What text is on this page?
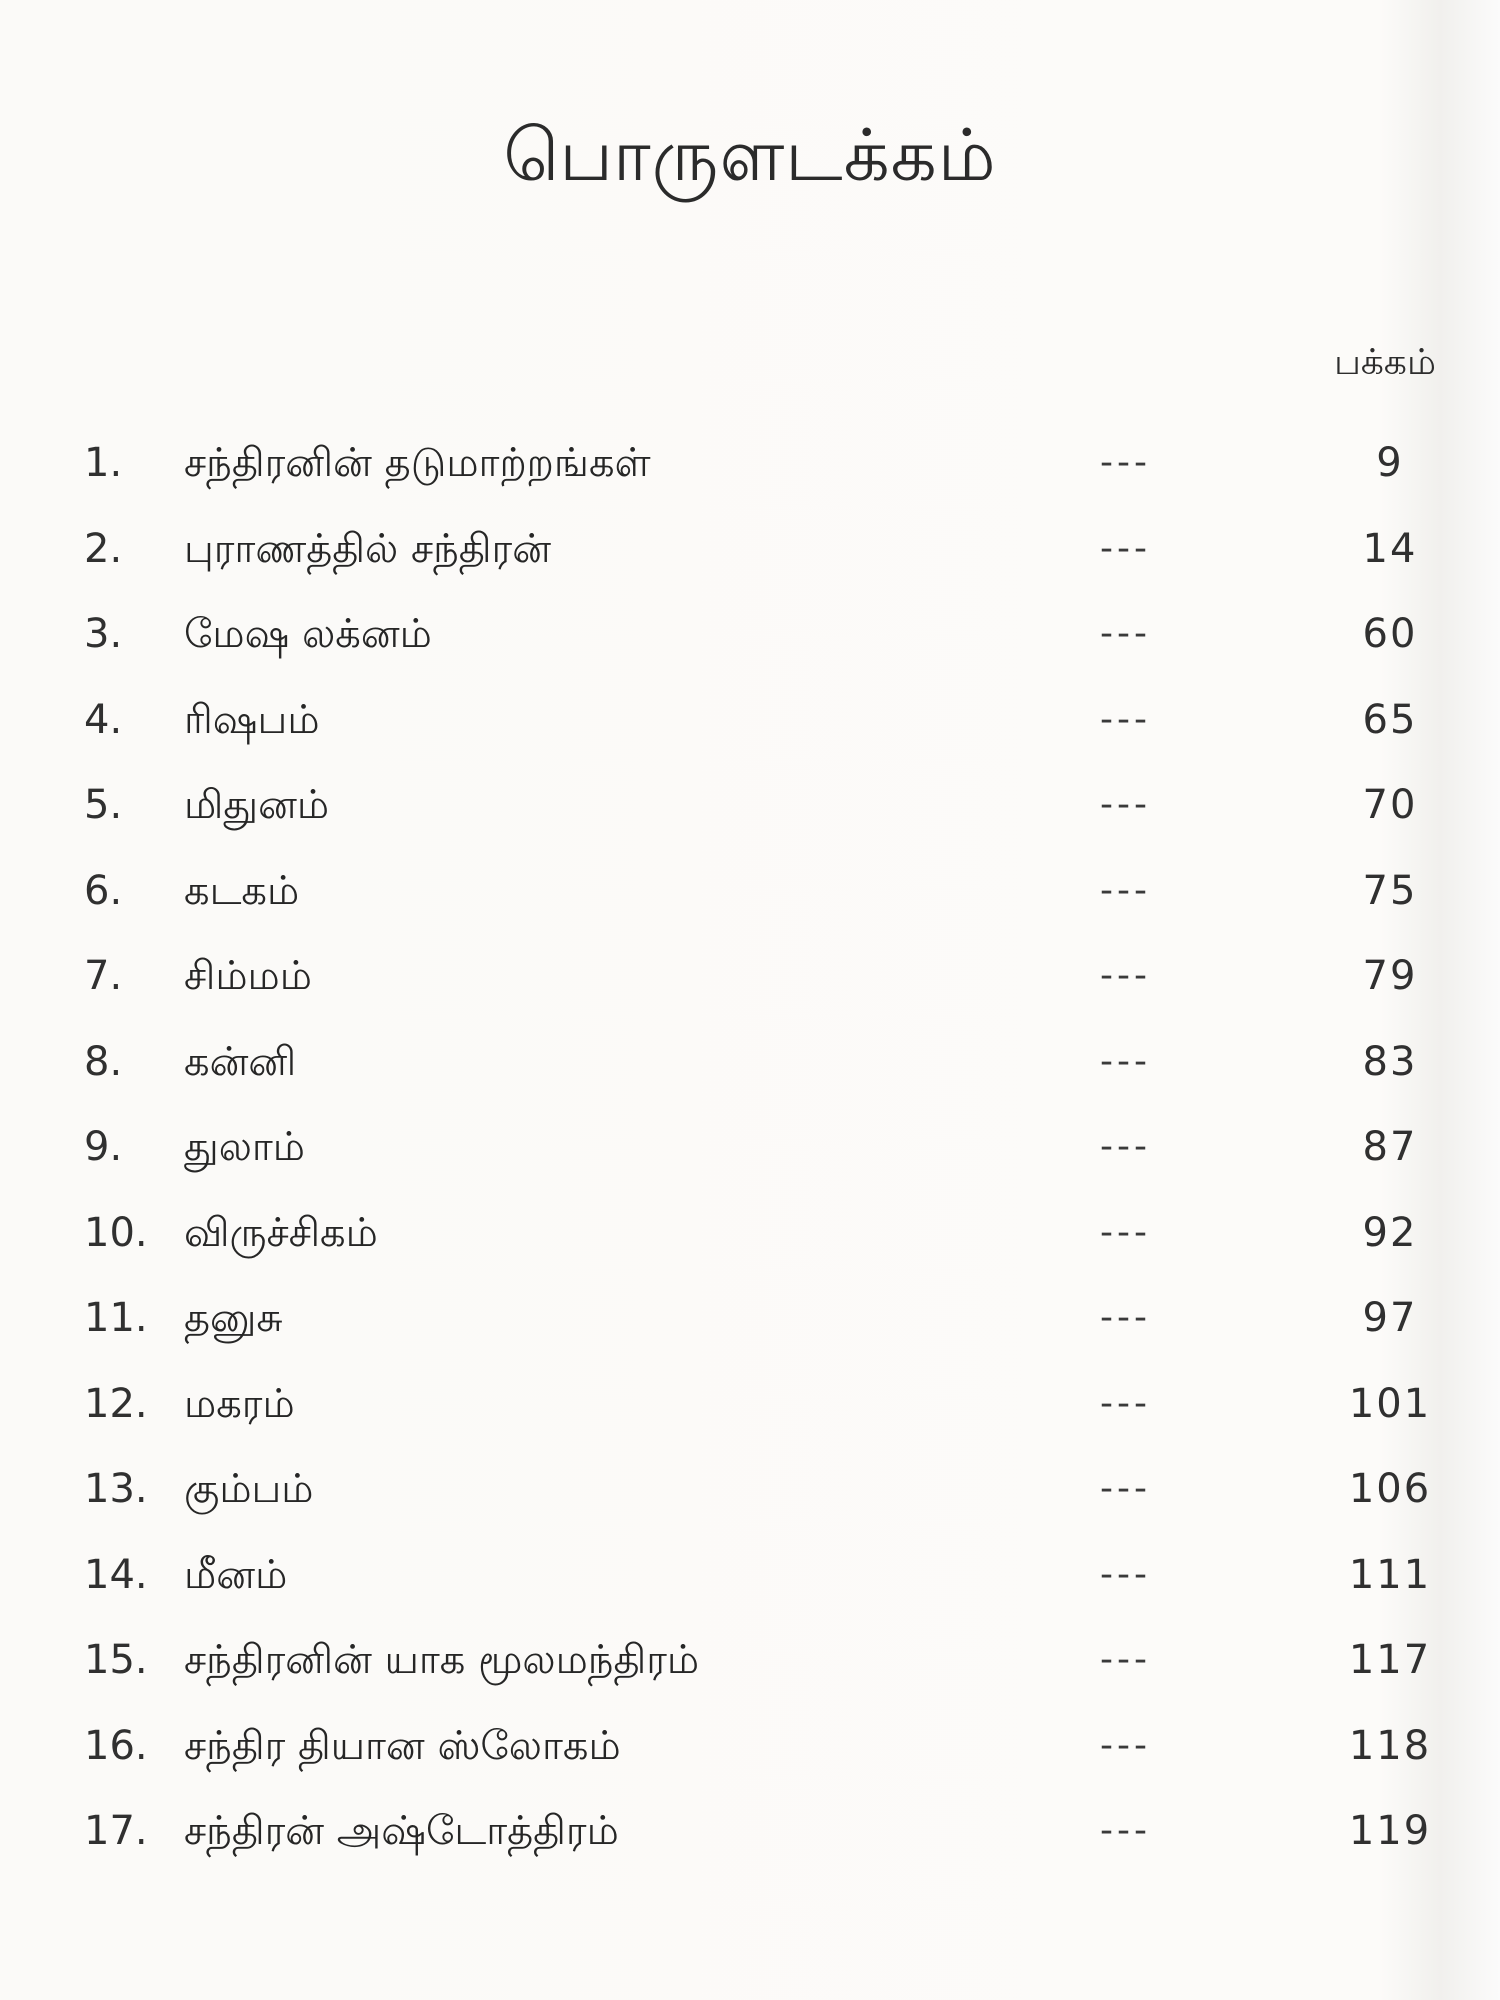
பொருளடக்கம்
பக்கம்
1. சந்திரனின் தடுமாற்றங்கள்	---	9
2. புராணத்தில் சந்திரன்	---	14
3. மேஷ லக்னம்	---	60
4. ரிஷபம்	---	65
5. மிதுனம்	---	70
6. கடகம்	---	75
7. சிம்மம்	---	79
8. கன்னி	---	83
9. துலாம்	---	87
10. விருச்சிகம்	---	92
11. தனுசு	---	97
12. மகரம்	---	101
13. கும்பம்	---	106
14. மீனம்	---	111
15. சந்திரனின் யாக மூலமந்திரம்	---	117
16. சந்திர தியான ஸ்லோகம்	---	118
17. சந்திரன் அஷ்டோத்திரம்	---	119
